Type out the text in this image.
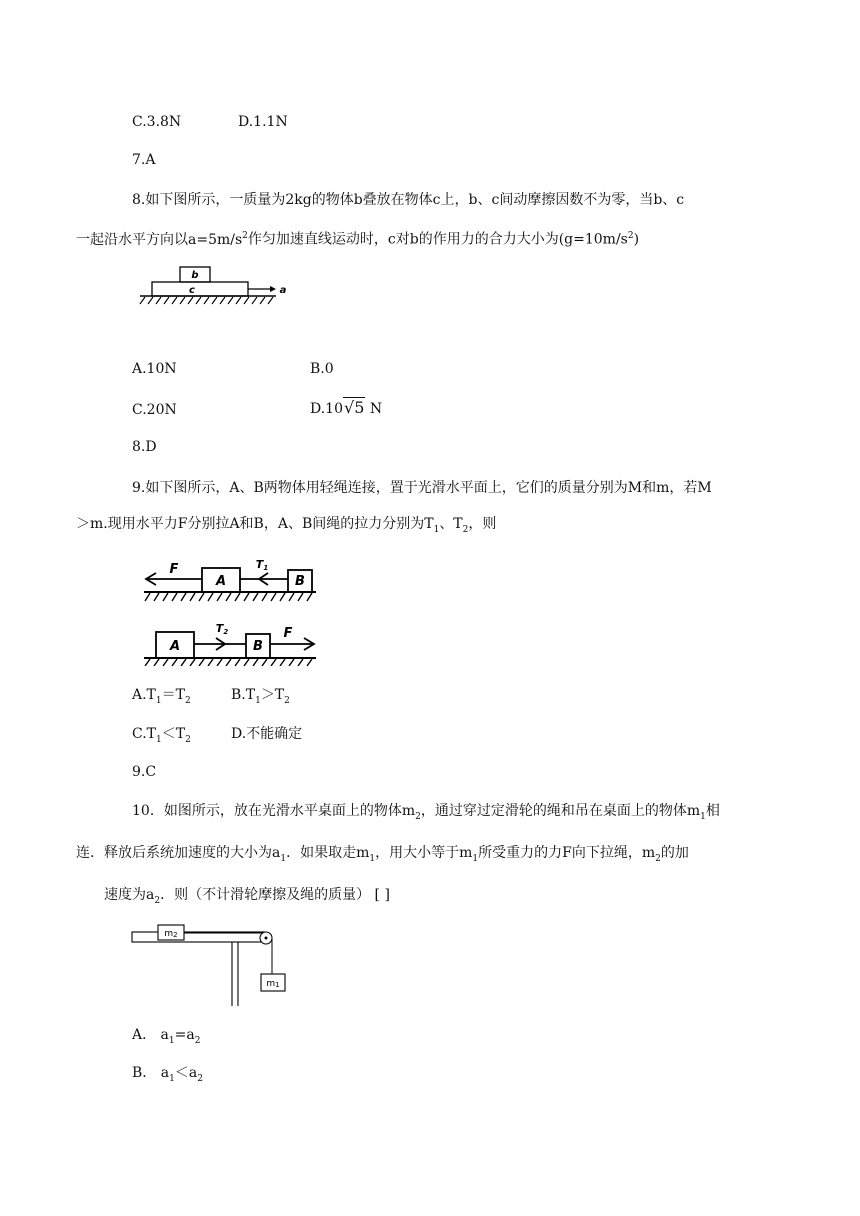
C.3.8N	D.1.1N
7.A
8.如下图所示，一质量为2kg的物体b叠放在物体c上，b、c间动摩擦因数不为零，当b、c
一起沿水平方向以$a=5m/s^2$作匀加速直线运动时，c对b的作用力的合力大小为$(g=10m/s^2)$
b
c	a
A.10N	B.0
C.20N	D.10√5 N
8.D
9.如下图所示，A、B两物体用轻绳连接，置于光滑水平面上，它们的质量分别为M和m，若M
＞m.现用水平力F分别拉A和B，A、B间绳的拉力分别为$T_1$、$T_2$，则
F
A
T1
B
A
T2
B
F
$A.T_1=T_2$	$B.T_1>T_2$
$C.T_1<T_2$	D.不能确定
9.C
10．如图所示，放在光滑水平桌面上的物体$m_2$，通过穿过定滑轮的绳和吊在桌面上的物体$m_1$相
连．释放后系统加速度的大小为$a_1$．如果取走$m_1$，用大小等于$m_1$所受重力的力F向下拉绳，$m_2$的加
速度为$a_2$．则（不计滑轮摩擦及绳的质量） [ ]
m2
m1
A． $a_1=a_2$
B． $a_1<a_2$
